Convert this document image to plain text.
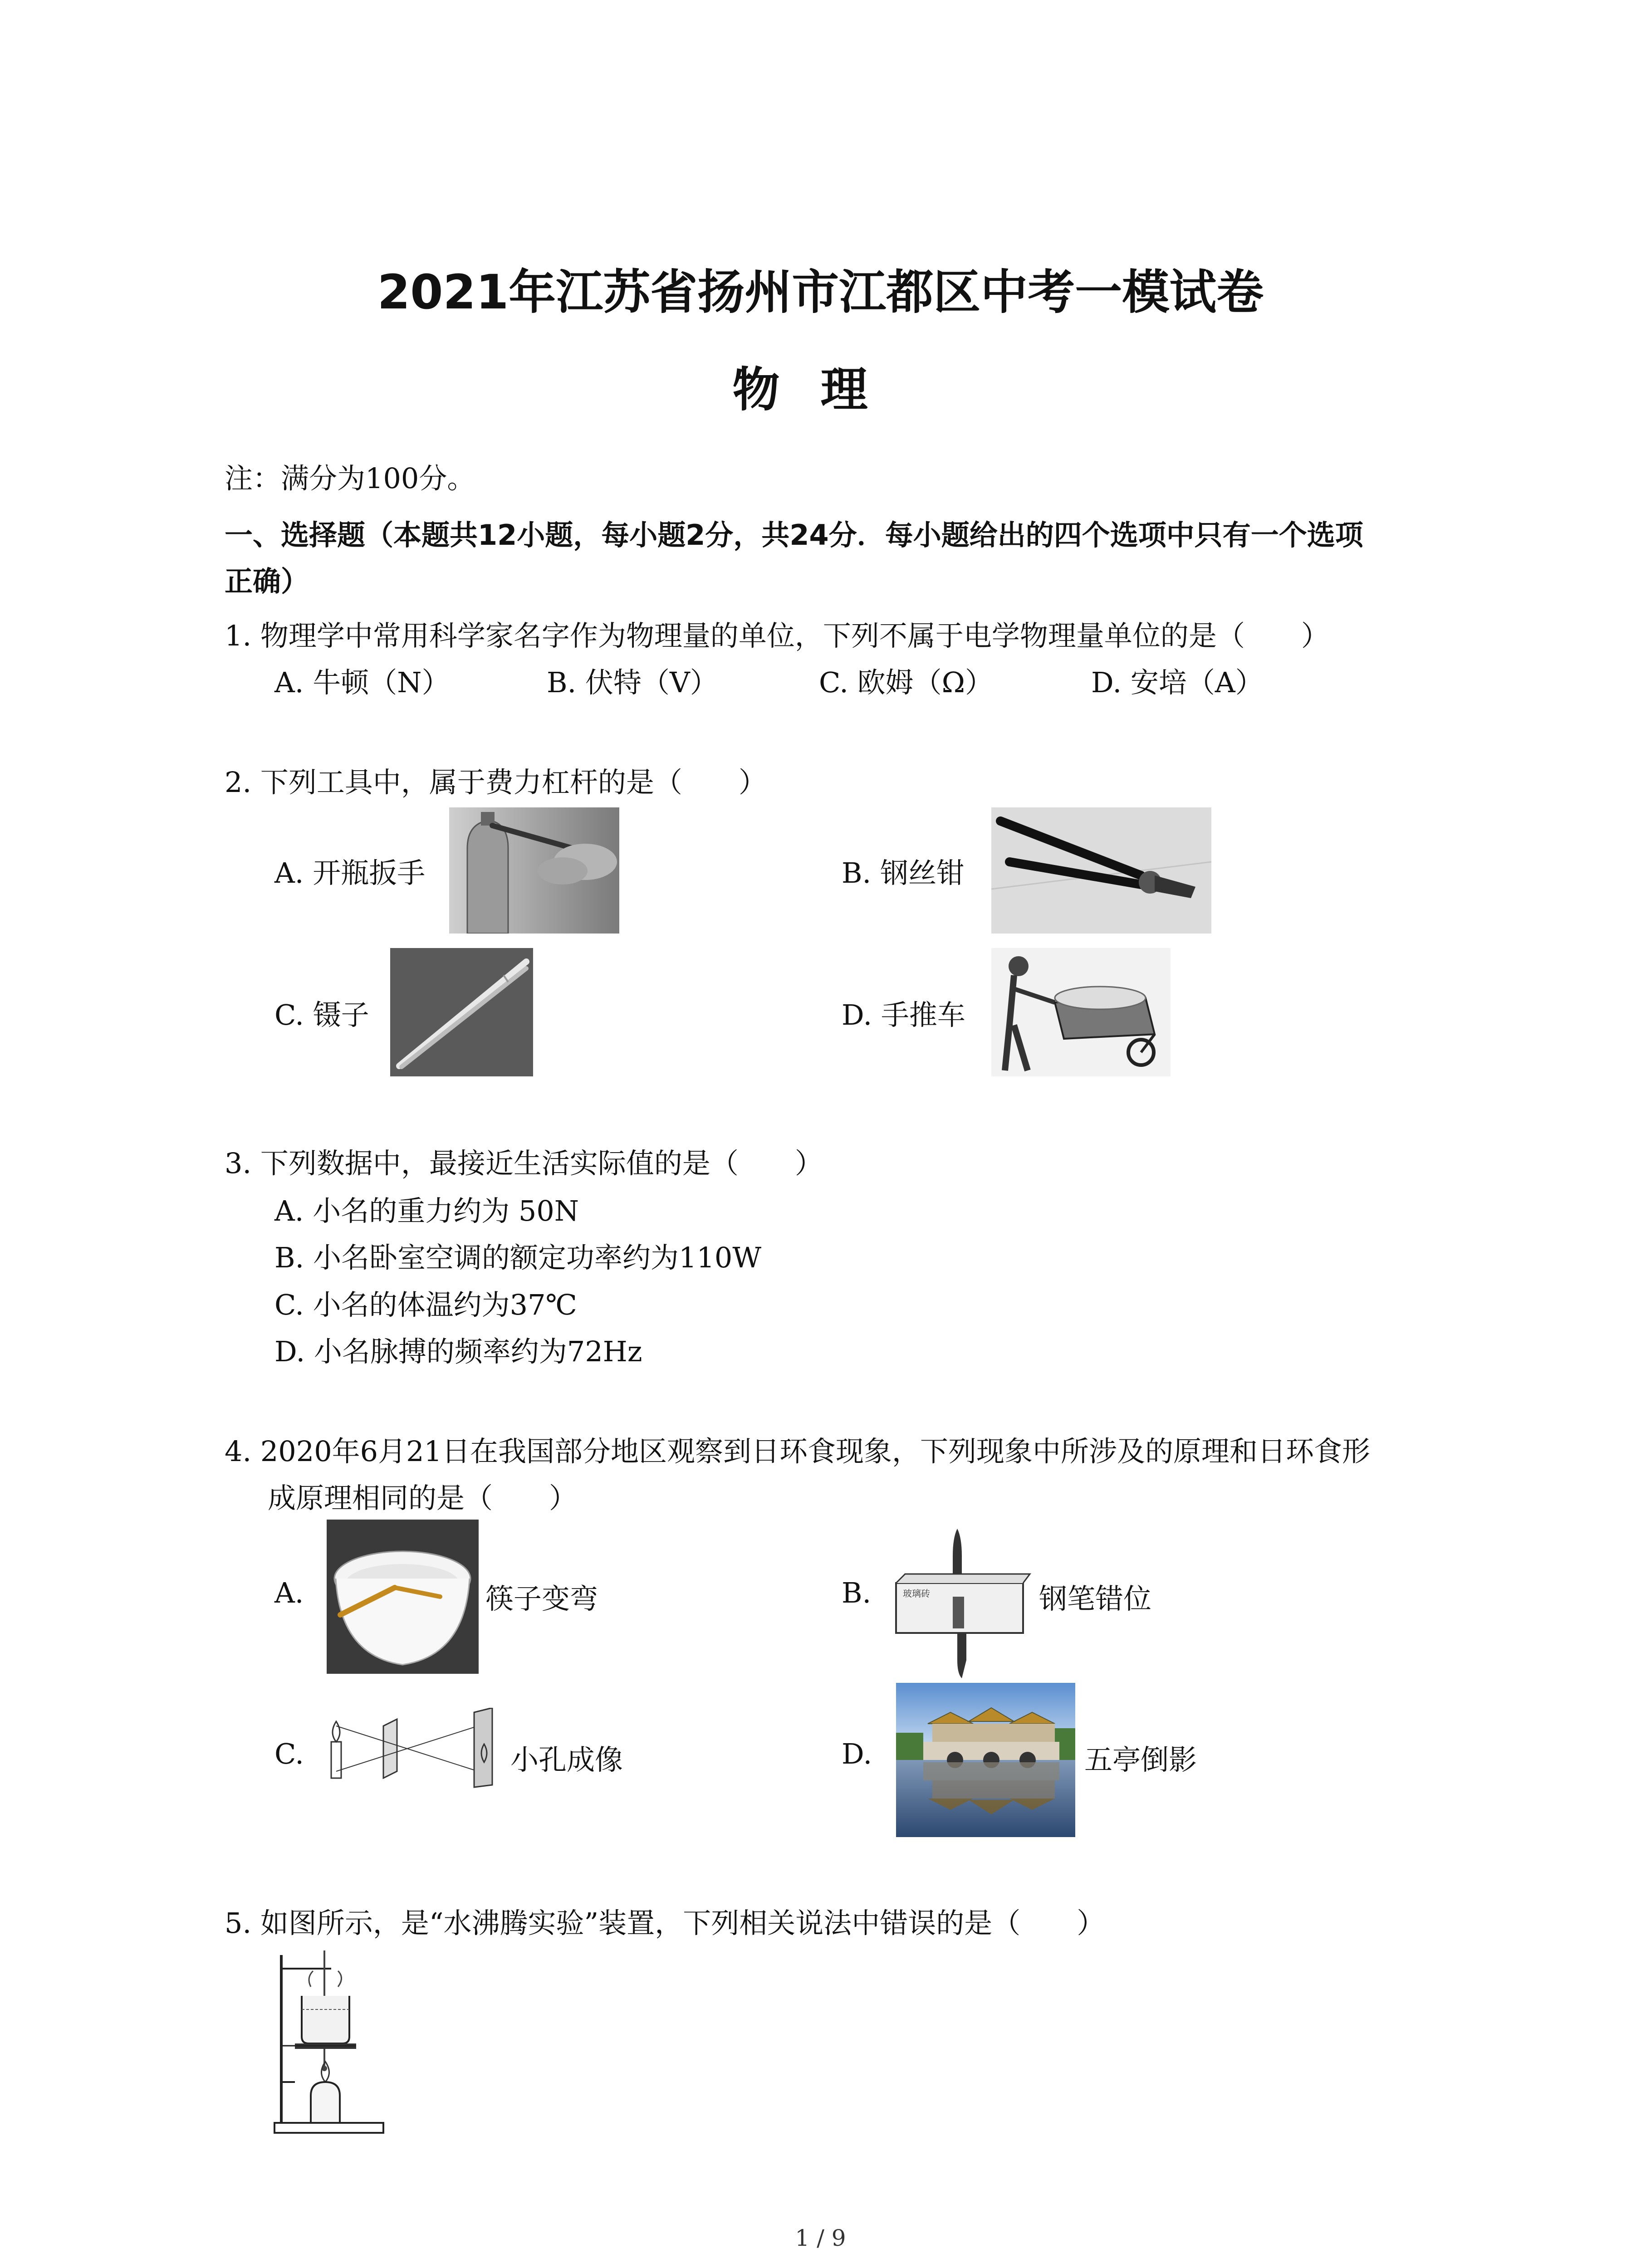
2021年江苏省扬州市江都区中考一模试卷
物理
注：满分为100分。
一、选择题（本题共12小题，每小题2分，共24分．每小题给出的四个选项中只有一个选项
正确）
1. 物理学中常用科学家名字作为物理量的单位，下列不属于电学物理量单位的是（　　）
A. 牛顿（N）	B. 伏特（V）	C. 欧姆（Ω）	D. 安培（A）
2. 下列工具中，属于费力杠杆的是（　　）
A. 开瓶扳手	B. 钢丝钳
C. 镊子	D. 手推车
3. 下列数据中，最接近生活实际值的是（　　）
A. 小名的重力约为 50N
B. 小名卧室空调的额定功率约为110W
C. 小名的体温约为37℃
D. 小名脉搏的频率约为72Hz
4. 2020年6月21日在我国部分地区观察到日环食现象，下列现象中所涉及的原理和日环食形
成原理相同的是（　　）
A.	筷子变弯	B.	玻璃砖	钢笔错位
C.	小孔成像	D.	五亭倒影
5. 如图所示，是“水沸腾实验”装置，下列相关说法中错误的是（　　）
1 / 9
